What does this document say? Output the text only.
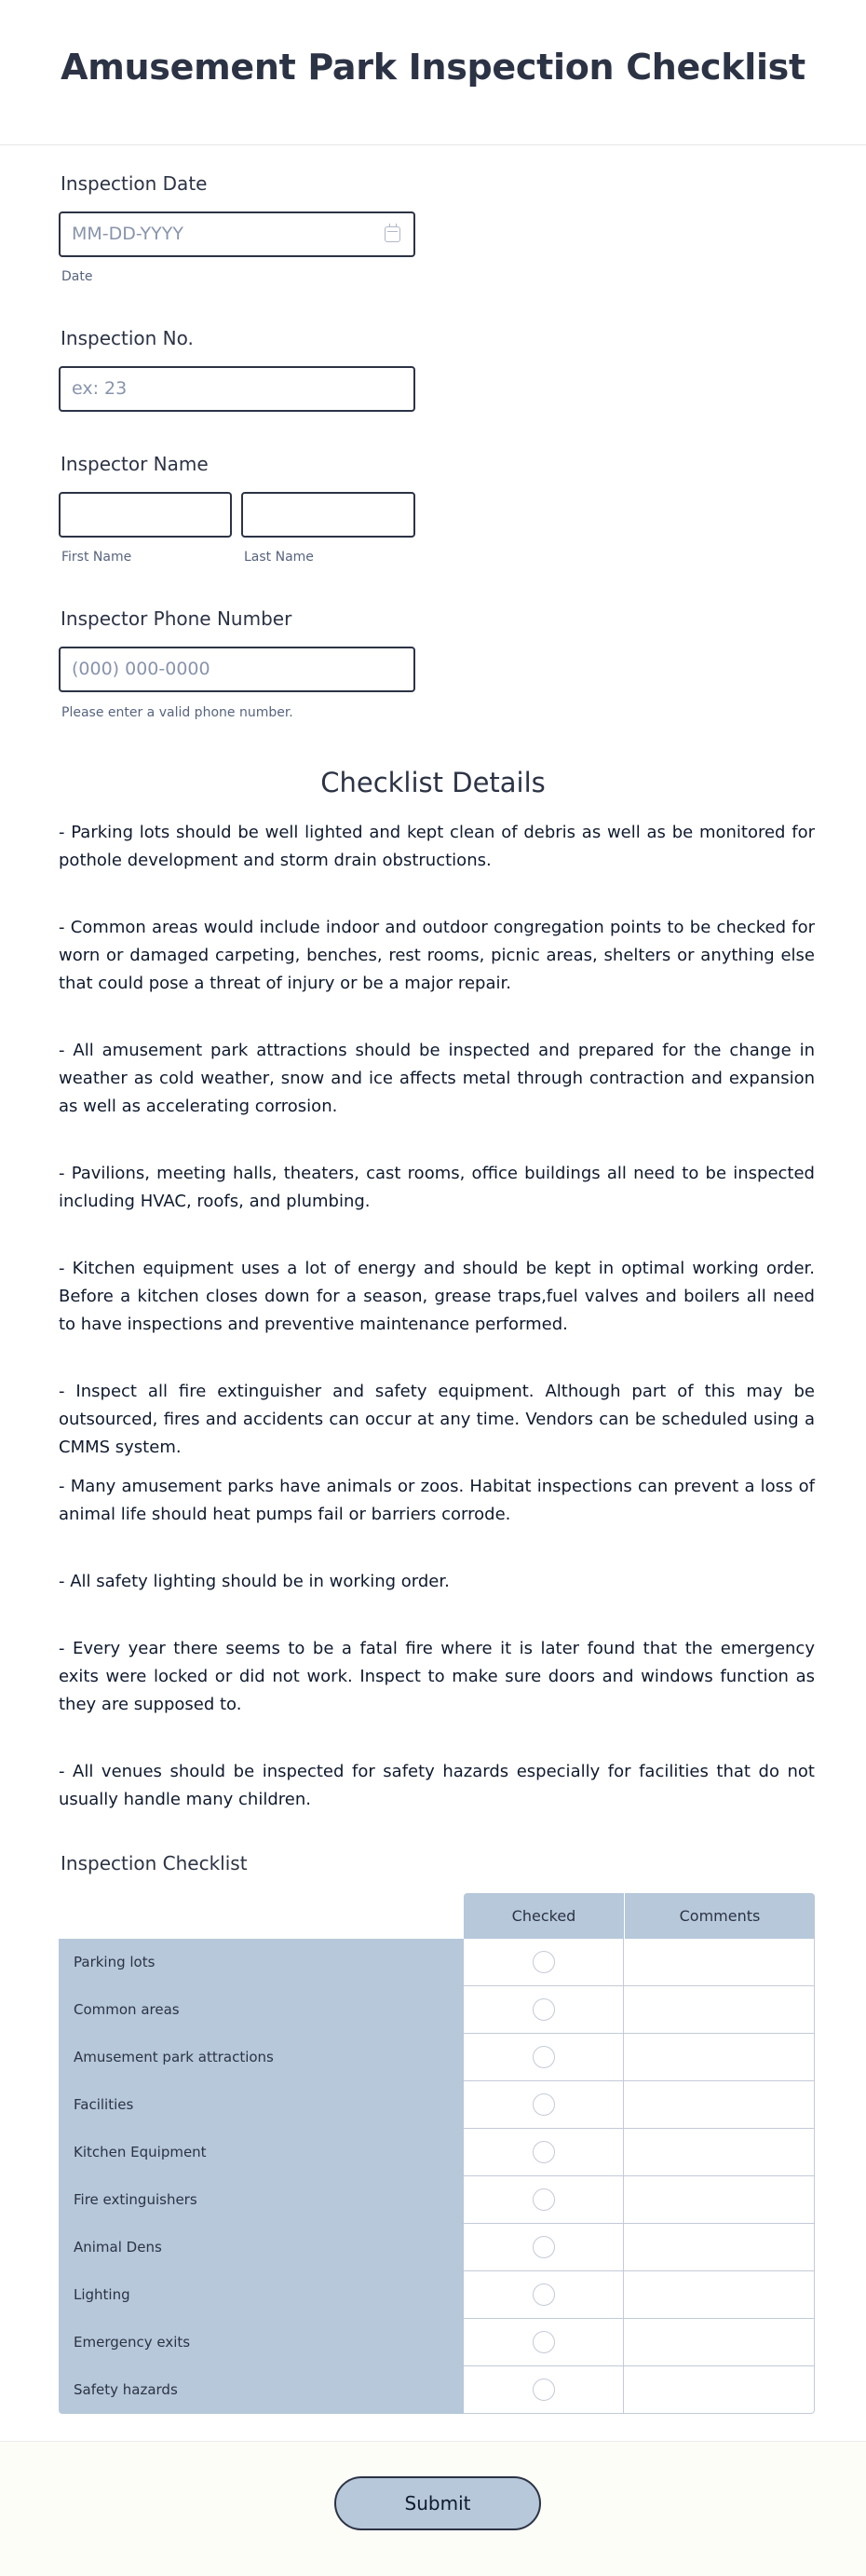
Amusement Park Inspection Checklist
Inspection Date
MM-DD-YYYY
Date
Inspection No.
ex: 23
Inspector Name
First Name	Last Name
Inspector Phone Number
(000) 000-0000
Please enter a valid phone number.
Checklist Details

- Parking lots should be well lighted and kept clean of debris as well as be monitored for pothole development and storm drain obstructions.

- Common areas would include indoor and outdoor congregation points to be checked for worn or damaged carpeting, benches, rest rooms, picnic areas, shelters or anything else that could pose a threat of injury or be a major repair.

- All amusement park attractions should be inspected and prepared for the change in weather as cold weather, snow and ice affects metal through contraction and expansion as well as accelerating corrosion.

- Pavilions, meeting halls, theaters, cast rooms, office buildings all need to be inspected including HVAC, roofs, and plumbing.

- Kitchen equipment uses a lot of energy and should be kept in optimal working order. Before a kitchen closes down for a season, grease traps,fuel valves and boilers all need to have inspections and preventive maintenance performed.

- Inspect all fire extinguisher and safety equipment. Although part of this may be outsourced, fires and accidents can occur at any time. Vendors can be scheduled using a CMMS system.

- Many amusement parks have animals or zoos. Habitat inspections can prevent a loss of animal life should heat pumps fail or barriers corrode.

- All safety lighting should be in working order.

- Every year there seems to be a fatal fire where it is later found that the emergency exits were locked or did not work. Inspect to make sure doors and windows function as they are supposed to.

- All venues should be inspected for safety hazards especially for facilities that do not usually handle many children.

Inspection Checklist
Checked	Comments
Parking lots
Common areas
Amusement park attractions
Facilities
Kitchen Equipment
Fire extinguishers
Animal Dens
Lighting
Emergency exits
Safety hazards
Submit
